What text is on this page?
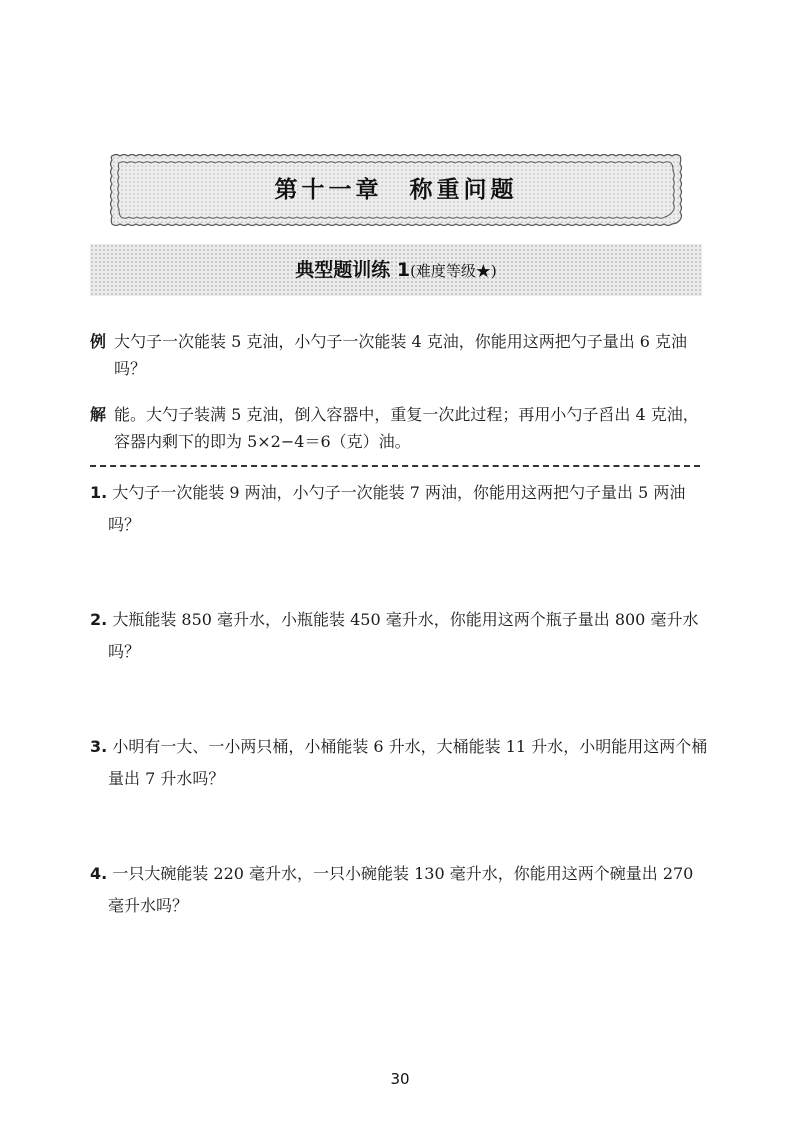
第十一章　称重问题
典型题训练 1(难度等级★)
例 大勺子一次能装 5 克油，小勺子一次能装 4 克油，你能用这两把勺子量出 6 克油吗？
解 能。大勺子装满 5 克油，倒入容器中，重复一次此过程；再用小勺子舀出 4 克油，容器内剩下的即为 5×2−4＝6（克）油。
1. 大勺子一次能装 9 两油，小勺子一次能装 7 两油，你能用这两把勺子量出 5 两油吗？
2. 大瓶能装 850 毫升水，小瓶能装 450 毫升水，你能用这两个瓶子量出 800 毫升水吗？
3. 小明有一大、一小两只桶，小桶能装 6 升水，大桶能装 11 升水，小明能用这两个桶量出 7 升水吗？
4. 一只大碗能装 220 毫升水，一只小碗能装 130 毫升水，你能用这两个碗量出 270 毫升水吗？
30
